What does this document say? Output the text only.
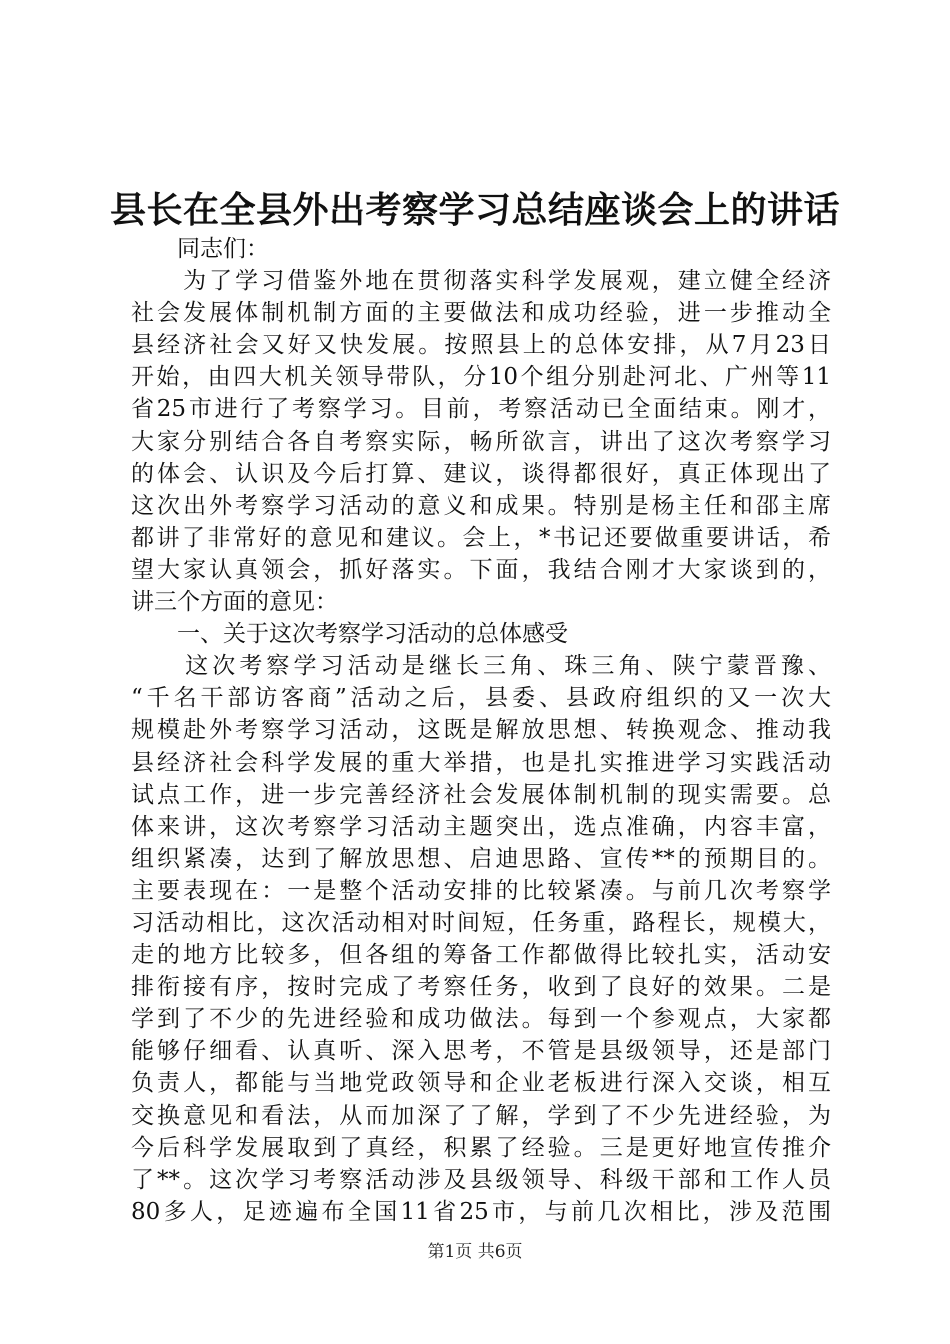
县长在全县外出考察学习总结座谈会上的讲话
　　同志们：
　　为了学习借鉴外地在贯彻落实科学发展观，建立健全经济
社会发展体制机制方面的主要做法和成功经验，进一步推动全
县经济社会又好又快发展。按照县上的总体安排，从7月23日
开始，由四大机关领导带队，分10个组分别赴河北、广州等11
省25市进行了考察学习。目前，考察活动已全面结束。刚才，
大家分别结合各自考察实际，畅所欲言，讲出了这次考察学习
的体会、认识及今后打算、建议，谈得都很好，真正体现出了
这次出外考察学习活动的意义和成果。特别是杨主任和邵主席
都讲了非常好的意见和建议。会上，*书记还要做重要讲话，希
望大家认真领会，抓好落实。下面，我结合刚才大家谈到的，
讲三个方面的意见：
　　一、关于这次考察学习活动的总体感受
　　这次考察学习活动是继长三角、珠三角、陕宁蒙晋豫、
“千名干部访客商”活动之后，县委、县政府组织的又一次大
规模赴外考察学习活动，这既是解放思想、转换观念、推动我
县经济社会科学发展的重大举措，也是扎实推进学习实践活动
试点工作，进一步完善经济社会发展体制机制的现实需要。总
体来讲，这次考察学习活动主题突出，选点准确，内容丰富，
组织紧凑，达到了解放思想、启迪思路、宣传**的预期目的。
主要表现在：一是整个活动安排的比较紧凑。与前几次考察学
习活动相比，这次活动相对时间短，任务重，路程长，规模大，
走的地方比较多，但各组的筹备工作都做得比较扎实，活动安
排衔接有序，按时完成了考察任务，收到了良好的效果。二是
学到了不少的先进经验和成功做法。每到一个参观点，大家都
能够仔细看、认真听、深入思考，不管是县级领导，还是部门
负责人，都能与当地党政领导和企业老板进行深入交谈，相互
交换意见和看法，从而加深了了解，学到了不少先进经验，为
今后科学发展取到了真经，积累了经验。三是更好地宣传推介
了**。这次学习考察活动涉及县级领导、科级干部和工作人员
80多人，足迹遍布全国11省25市，与前几次相比，涉及范围
第1页 共6页
